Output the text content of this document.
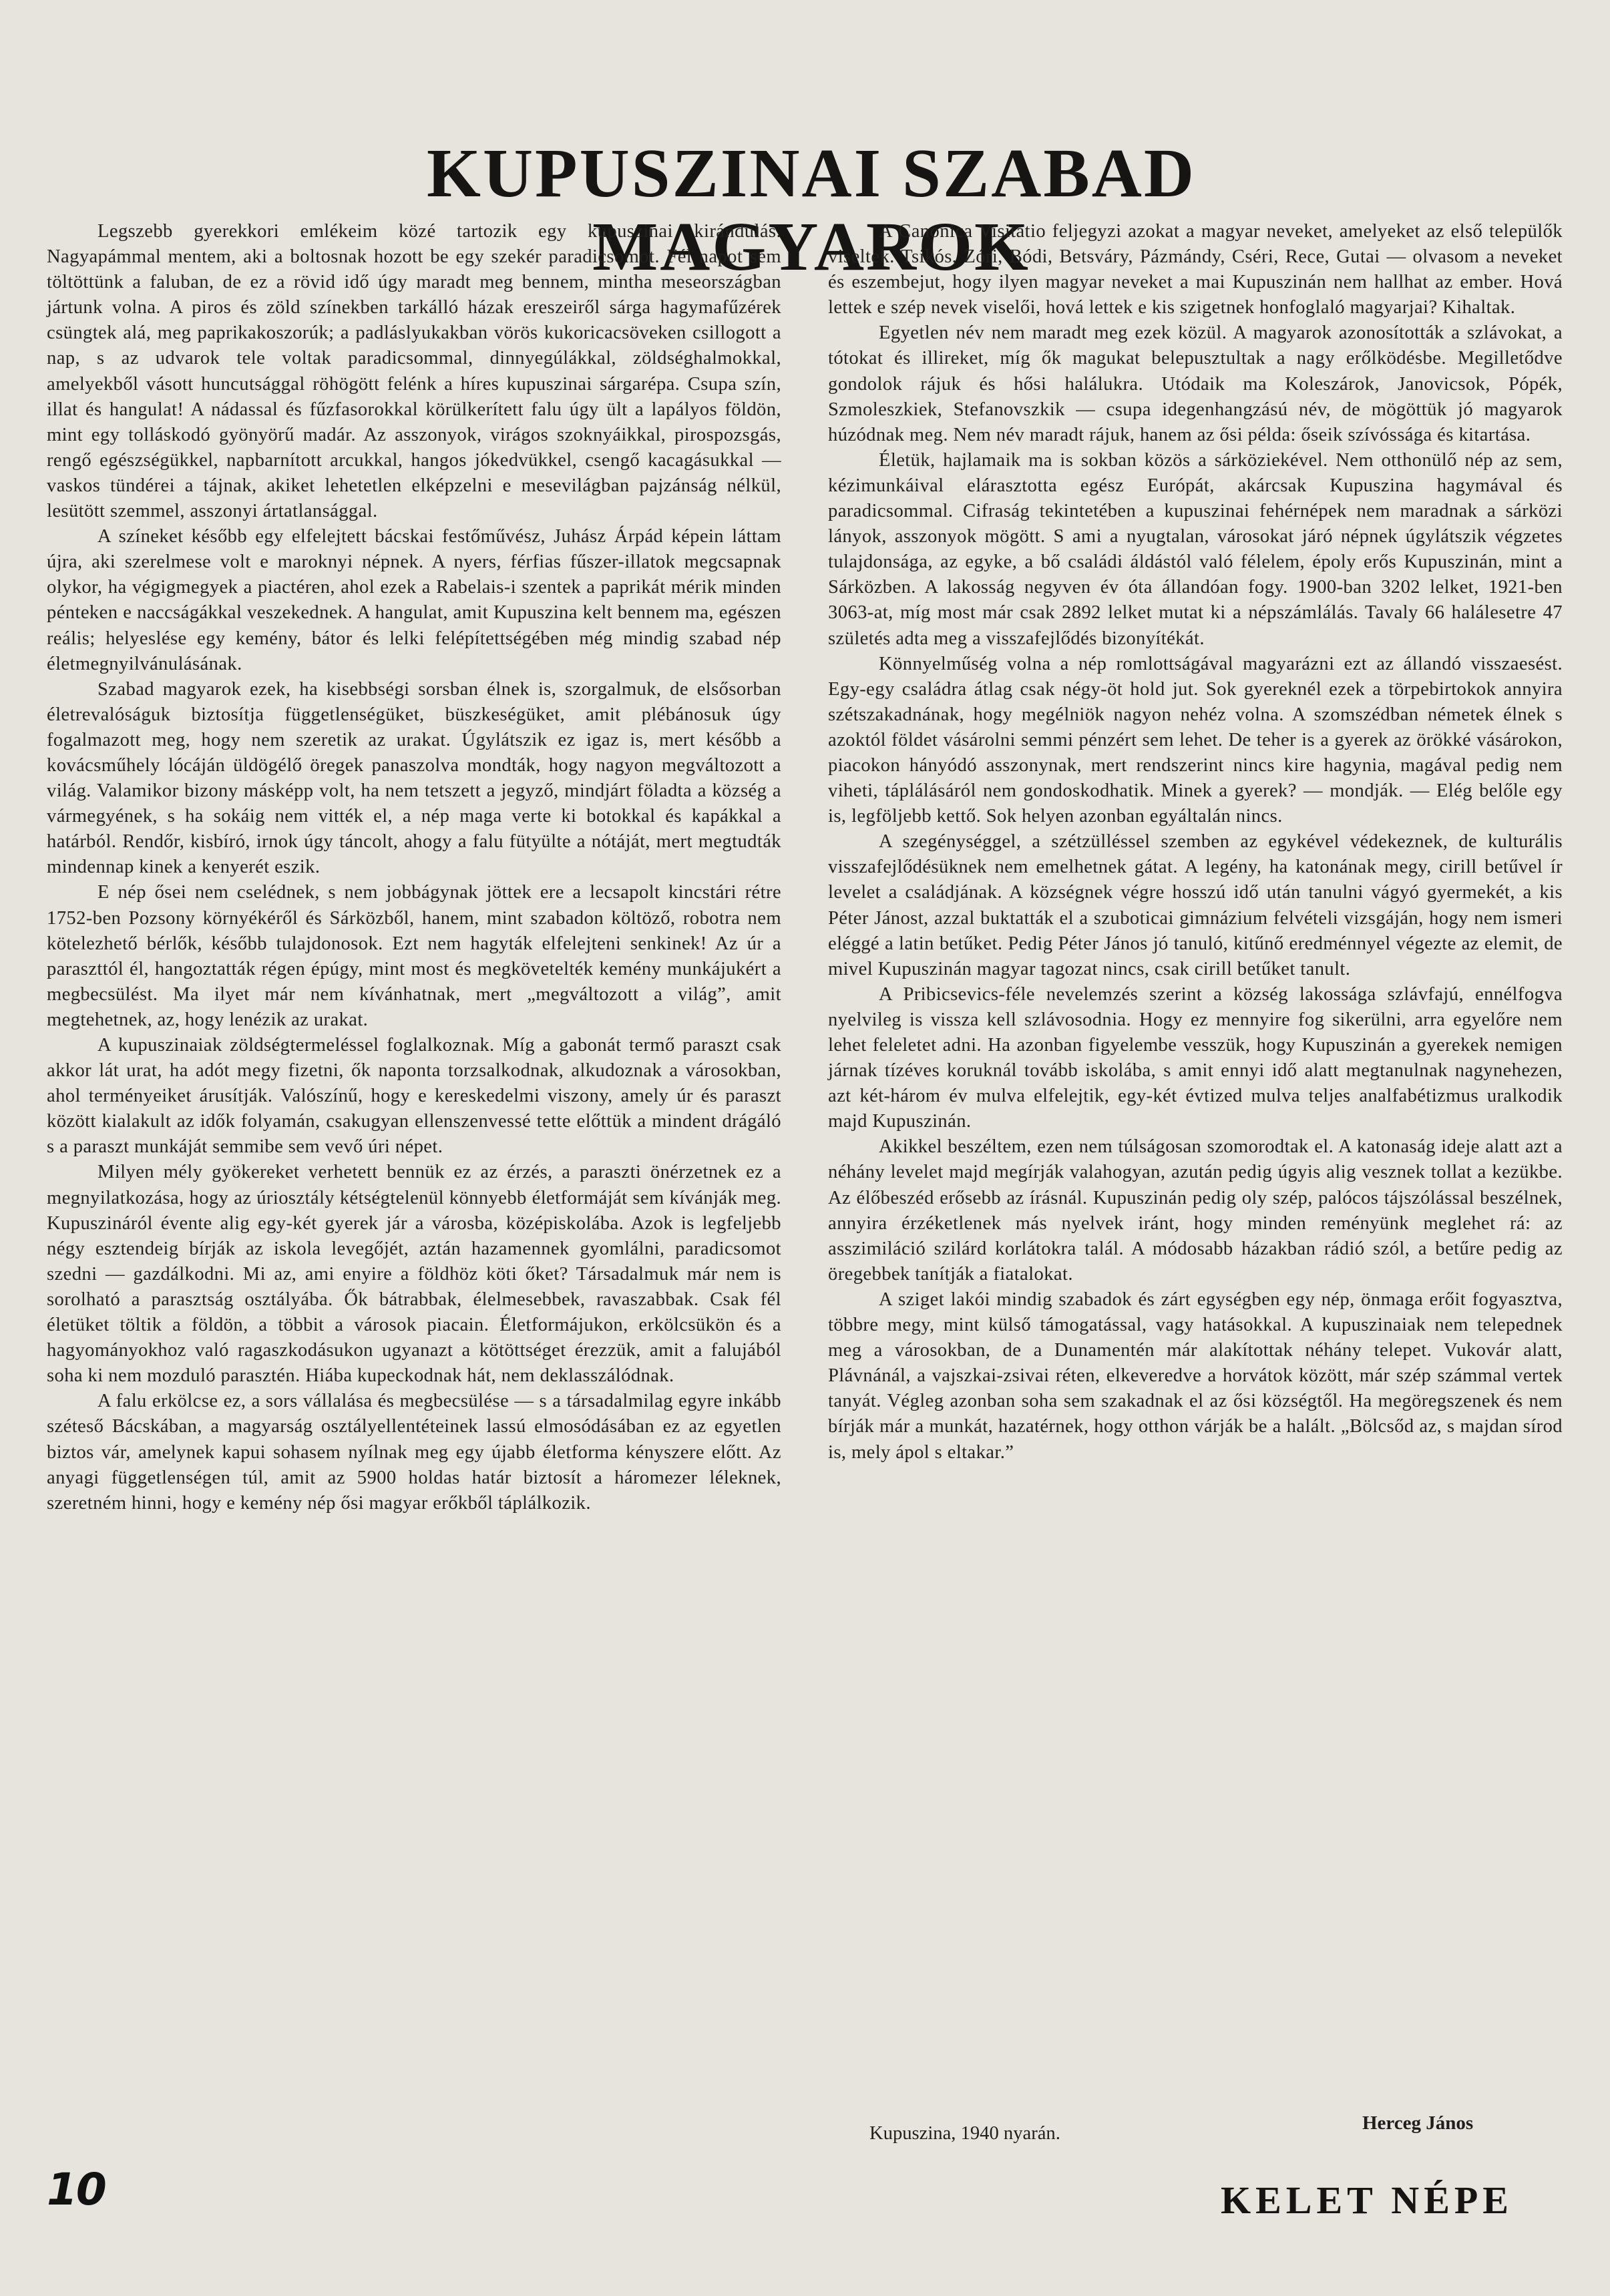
KUPUSZINAI SZABAD MAGYAROK

Legszebb gyerekkori emlékeim közé tartozik egy kupuszinai kirándulás. Nagyapámmal mentem, aki a boltosnak hozott be egy szekér paradicsomot. Fél napot sem töltöttünk a faluban, de ez a rövid idő úgy maradt meg bennem, mintha meseországban jártunk volna. A piros és zöld színekben tarkálló házak ereszeiről sárga hagymafűzérek csüngtek alá, meg paprikakoszorúk; a padláslyukakban vörös kukoricacsöveken csillogott a nap, s az udvarok tele voltak paradicsommal, dinnyegúlákkal, zöldséghalmokkal, amelyekből vásott huncutsággal röhögött felénk a híres kupuszinai sárgarépa. Csupa szín, illat és hangulat! A nádassal és fűzfasorokkal körülkerített falu úgy ült a lapályos földön, mint egy tolláskodó gyönyörű madár. Az asszonyok, virágos szoknyáikkal, pirospozsgás, rengő egészségükkel, napbarnított arcukkal, hangos jókedvükkel, csengő kacagásukkal — vaskos tündérei a tájnak, akiket lehetetlen elképzelni e mesevilágban pajzánság nélkül, lesütött szemmel, asszonyi ártatlansággal.

A színeket később egy elfelejtett bácskai festőművész, Juhász Árpád képein láttam újra, aki szerelmese volt e maroknyi népnek. A nyers, férfias fűszer-illatok megcsapnak olykor, ha végigmegyek a piactéren, ahol ezek a Rabelais-i szentek a paprikát mérik minden pénteken e naccságákkal veszekednek. A hangulat, amit Kupuszina kelt bennem ma, egészen reális; helyeslése egy kemény, bátor és lelki felépítettségében még mindig szabad nép életmegnyilvánulásának.

Szabad magyarok ezek, ha kisebbségi sorsban élnek is, szorgalmuk, de elsősorban életrevalóságuk biztosítja függetlenségüket, büszkeségüket, amit plébánosuk úgy fogalmazott meg, hogy nem szeretik az urakat. Úgylátszik ez igaz is, mert később a kovácsműhely lócáján üldögélő öregek panaszolva mondták, hogy nagyon megváltozott a világ. Valamikor bizony másképp volt, ha nem tetszett a jegyző, mindjárt föladta a község a vármegyének, s ha sokáig nem vitték el, a nép maga verte ki botokkal és kapákkal a határból. Rendőr, kisbíró, irnok úgy táncolt, ahogy a falu fütyülte a nótáját, mert megtudták mindennap kinek a kenyerét eszik.

E nép ősei nem cselédnek, s nem jobbágynak jöttek ere a lecsapolt kincstári rétre 1752-ben Pozsony környékéről és Sárközből, hanem, mint szabadon költöző, robotra nem kötelezhető bérlők, később tulajdonosok. Ezt nem hagyták elfelejteni senkinek! Az úr a paraszttól él, hangoztatták régen épúgy, mint most és megkövetelték kemény munkájukért a megbecsülést. Ma ilyet már nem kívánhatnak, mert „megváltozott a világ”, amit megtehetnek, az, hogy lenézik az urakat.

A kupuszinaiak zöldségtermeléssel foglalkoznak. Míg a gabonát termő paraszt csak akkor lát urat, ha adót megy fizetni, ők naponta torzsalkodnak, alkudoznak a városokban, ahol terményeiket árusítják. Valószínű, hogy e kereskedelmi viszony, amely úr és paraszt között kialakult az idők folyamán, csakugyan ellenszenvessé tette előttük a mindent drágáló s a paraszt munkáját semmibe sem vevő úri népet.

Milyen mély gyökereket verhetett bennük ez az érzés, a paraszti önérzetnek ez a megnyilatkozása, hogy az úriosztály kétségtelenül könnyebb életformáját sem kívánják meg. Kupuszináról évente alig egy-két gyerek jár a városba, középiskolába. Azok is legfeljebb négy esztendeig bírják az iskola levegőjét, aztán hazamennek gyomlálni, paradicsomot szedni — gazdálkodni. Mi az, ami enyire a földhöz köti őket? Társadalmuk már nem is sorolható a parasztság osztályába. Ők bátrabbak, élelmesebbek, ravaszabbak. Csak fél életüket töltik a földön, a többit a városok piacain. Életformájukon, erkölcsükön és a hagyományokhoz való ragaszkodásukon ugyanazt a kötöttséget érezzük, amit a falujából soha ki nem mozduló parasztén. Hiába kupeckodnak hát, nem deklasszálódnak.

A falu erkölcse ez, a sors vállalása és megbecsülése — s a társadalmilag egyre inkább széteső Bácskában, a magyarság osztályellentéteinek lassú elmosódásában ez az egyetlen biztos vár, amelynek kapui sohasem nyílnak meg egy újabb életforma kényszere előtt. Az anyagi függetlenségen túl, amit az 5900 holdas határ biztosít a háromezer léleknek, szeretném hinni, hogy e kemény nép ősi magyar erőkből táplálkozik.

A Canonica Visitatio feljegyzi azokat a magyar neveket, amelyeket az első települők viseltek. Tsikós, Zóri, Bódi, Betsváry, Pázmándy, Cséri, Rece, Gutai — olvasom a neveket és eszembejut, hogy ilyen magyar neveket a mai Kupuszinán nem hallhat az ember. Hová lettek e szép nevek viselői, hová lettek e kis szigetnek honfoglaló magyarjai? Kihaltak.

Egyetlen név nem maradt meg ezek közül. A magyarok azonosították a szlávokat, a tótokat és illireket, míg ők magukat belepusztultak a nagy erőlködésbe. Megilletődve gondolok rájuk és hősi halálukra. Utódaik ma Koleszárok, Janovicsok, Pópék, Szmoleszkiek, Stefanovszkik — csupa idegenhangzású név, de mögöttük jó magyarok húzódnak meg. Nem név maradt rájuk, hanem az ősi példa: őseik szívóssága és kitartása.

Életük, hajlamaik ma is sokban közös a sárköziekével. Nem otthonülő nép az sem, kézimunkáival elárasztotta egész Európát, akárcsak Kupuszina hagymával és paradicsommal. Cifraság tekintetében a kupuszinai fehérnépek nem maradnak a sárközi lányok, asszonyok mögött. S ami a nyugtalan, városokat járó népnek úgylátszik végzetes tulajdonsága, az egyke, a bő családi áldástól való félelem, époly erős Kupuszinán, mint a Sárközben. A lakosság negyven év óta állandóan fogy. 1900-ban 3202 lelket, 1921-ben 3063-at, míg most már csak 2892 lelket mutat ki a népszámlálás. Tavaly 66 halálesetre 47 születés adta meg a visszafejlődés bizonyítékát.

Könnyelműség volna a nép romlottságával magyarázni ezt az állandó visszaesést. Egy-egy családra átlag csak négy-öt hold jut. Sok gyereknél ezek a törpebirtokok annyira szétszakadnának, hogy megélniök nagyon nehéz volna. A szomszédban németek élnek s azoktól földet vásárolni semmi pénzért sem lehet. De teher is a gyerek az örökké vásárokon, piacokon hányódó asszonynak, mert rendszerint nincs kire hagynia, magával pedig nem viheti, táplálásáról nem gondoskodhatik. Minek a gyerek? — mondják. — Elég belőle egy is, legföljebb kettő. Sok helyen azonban egyáltalán nincs.

A szegénységgel, a szétzülléssel szemben az egykével védekeznek, de kulturális visszafejlődésüknek nem emelhetnek gátat. A legény, ha katonának megy, cirill betűvel ír levelet a családjának. A községnek végre hosszú idő után tanulni vágyó gyermekét, a kis Péter Jánost, azzal buktatták el a szuboticai gimnázium felvételi vizsgáján, hogy nem ismeri eléggé a latin betűket. Pedig Péter János jó tanuló, kitűnő eredménnyel végezte az elemit, de mivel Kupuszinán magyar tagozat nincs, csak cirill betűket tanult.

A Pribicsevics-féle nevelemzés szerint a község lakossága szlávfajú, ennélfogva nyelvileg is vissza kell szlávosodnia. Hogy ez mennyire fog sikerülni, arra egyelőre nem lehet feleletet adni. Ha azonban figyelembe vesszük, hogy Kupuszinán a gyerekek nemigen járnak tízéves koruknál tovább iskolába, s amit ennyi idő alatt megtanulnak nagynehezen, azt két-három év mulva elfelejtik, egy-két évtized mulva teljes analfabétizmus uralkodik majd Kupuszinán.

Akikkel beszéltem, ezen nem túlságosan szomorodtak el. A katonaság ideje alatt azt a néhány levelet majd megírják valahogyan, azután pedig úgyis alig vesznek tollat a kezükbe. Az élőbeszéd erősebb az írásnál. Kupuszinán pedig oly szép, palócos tájszólással beszélnek, annyira érzéketlenek más nyelvek iránt, hogy minden reményünk meglehet rá: az asszimiláció szilárd korlátokra talál. A módosabb házakban rádió szól, a betűre pedig az öregebbek tanítják a fiatalokat.

A sziget lakói mindig szabadok és zárt egységben egy nép, önmaga erőit fogyasztva, többre megy, mint külső támogatással, vagy hatásokkal. A kupuszinaiak nem telepednek meg a városokban, de a Dunamentén már alakítottak néhány telepet. Vukovár alatt, Plávnánál, a vajszkai-zsivai réten, elkeveredve a horvátok között, már szép számmal vertek tanyát. Végleg azonban soha sem szakadnak el az ősi községtől. Ha megöregszenek és nem bírják már a munkát, hazatérnek, hogy otthon várják be a halált. „Bölcsőd az, s majdan sírod is, mely ápol s eltakar.”

Kupuszina, 1940 nyarán.	Herceg János
10	KELET NÉPE
